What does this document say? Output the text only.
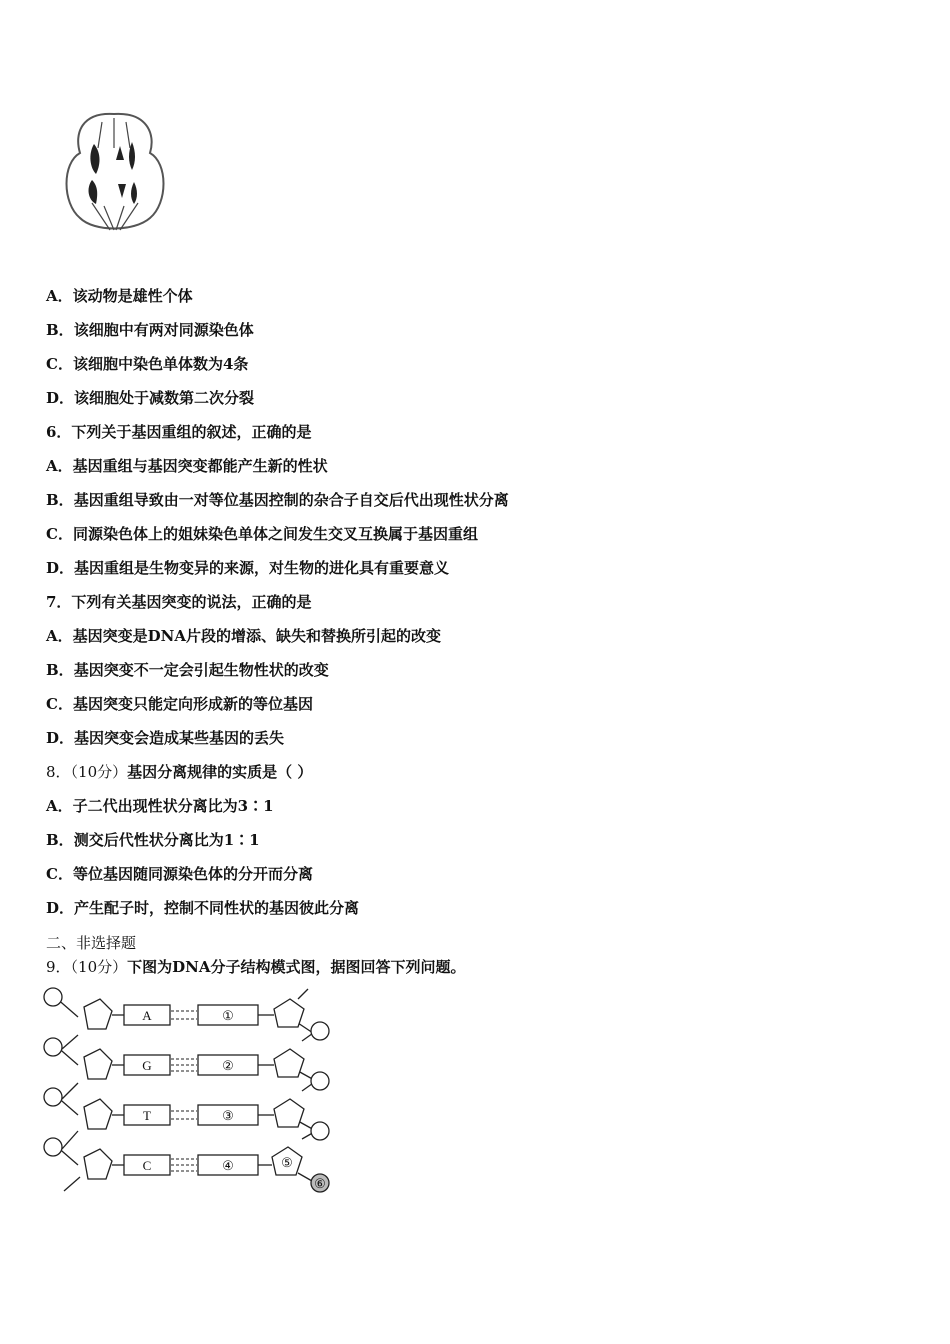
A．该动物是雄性个体
B．该细胞中有两对同源染色体
C．该细胞中染色单体数为4条
D．该细胞处于减数第二次分裂
6．下列关于基因重组的叙述，正确的是
A．基因重组与基因突变都能产生新的性状
B．基因重组导致由一对等位基因控制的杂合子自交后代出现性状分离
C．同源染色体上的姐妹染色单体之间发生交叉互换属于基因重组
D．基因重组是生物变异的来源，对生物的进化具有重要意义
7．下列有关基因突变的说法，正确的是
A．基因突变是DNA片段的增添、缺失和替换所引起的改变
B．基因突变不一定会引起生物性状的改变
C．基因突变只能定向形成新的等位基因
D．基因突变会造成某些基因的丢失
8．（10分）基因分离规律的实质是（ ）
A．子二代出现性状分离比为3∶1
B．测交后代性状分离比为1∶1
C．等位基因随同源染色体的分开而分离
D．产生配子时，控制不同性状的基因彼此分离
二、非选择题
9．（10分）下图为DNA分子结构模式图，据图回答下列问题。
A
G
T
C
①
②
③
④	⑤
⑥
